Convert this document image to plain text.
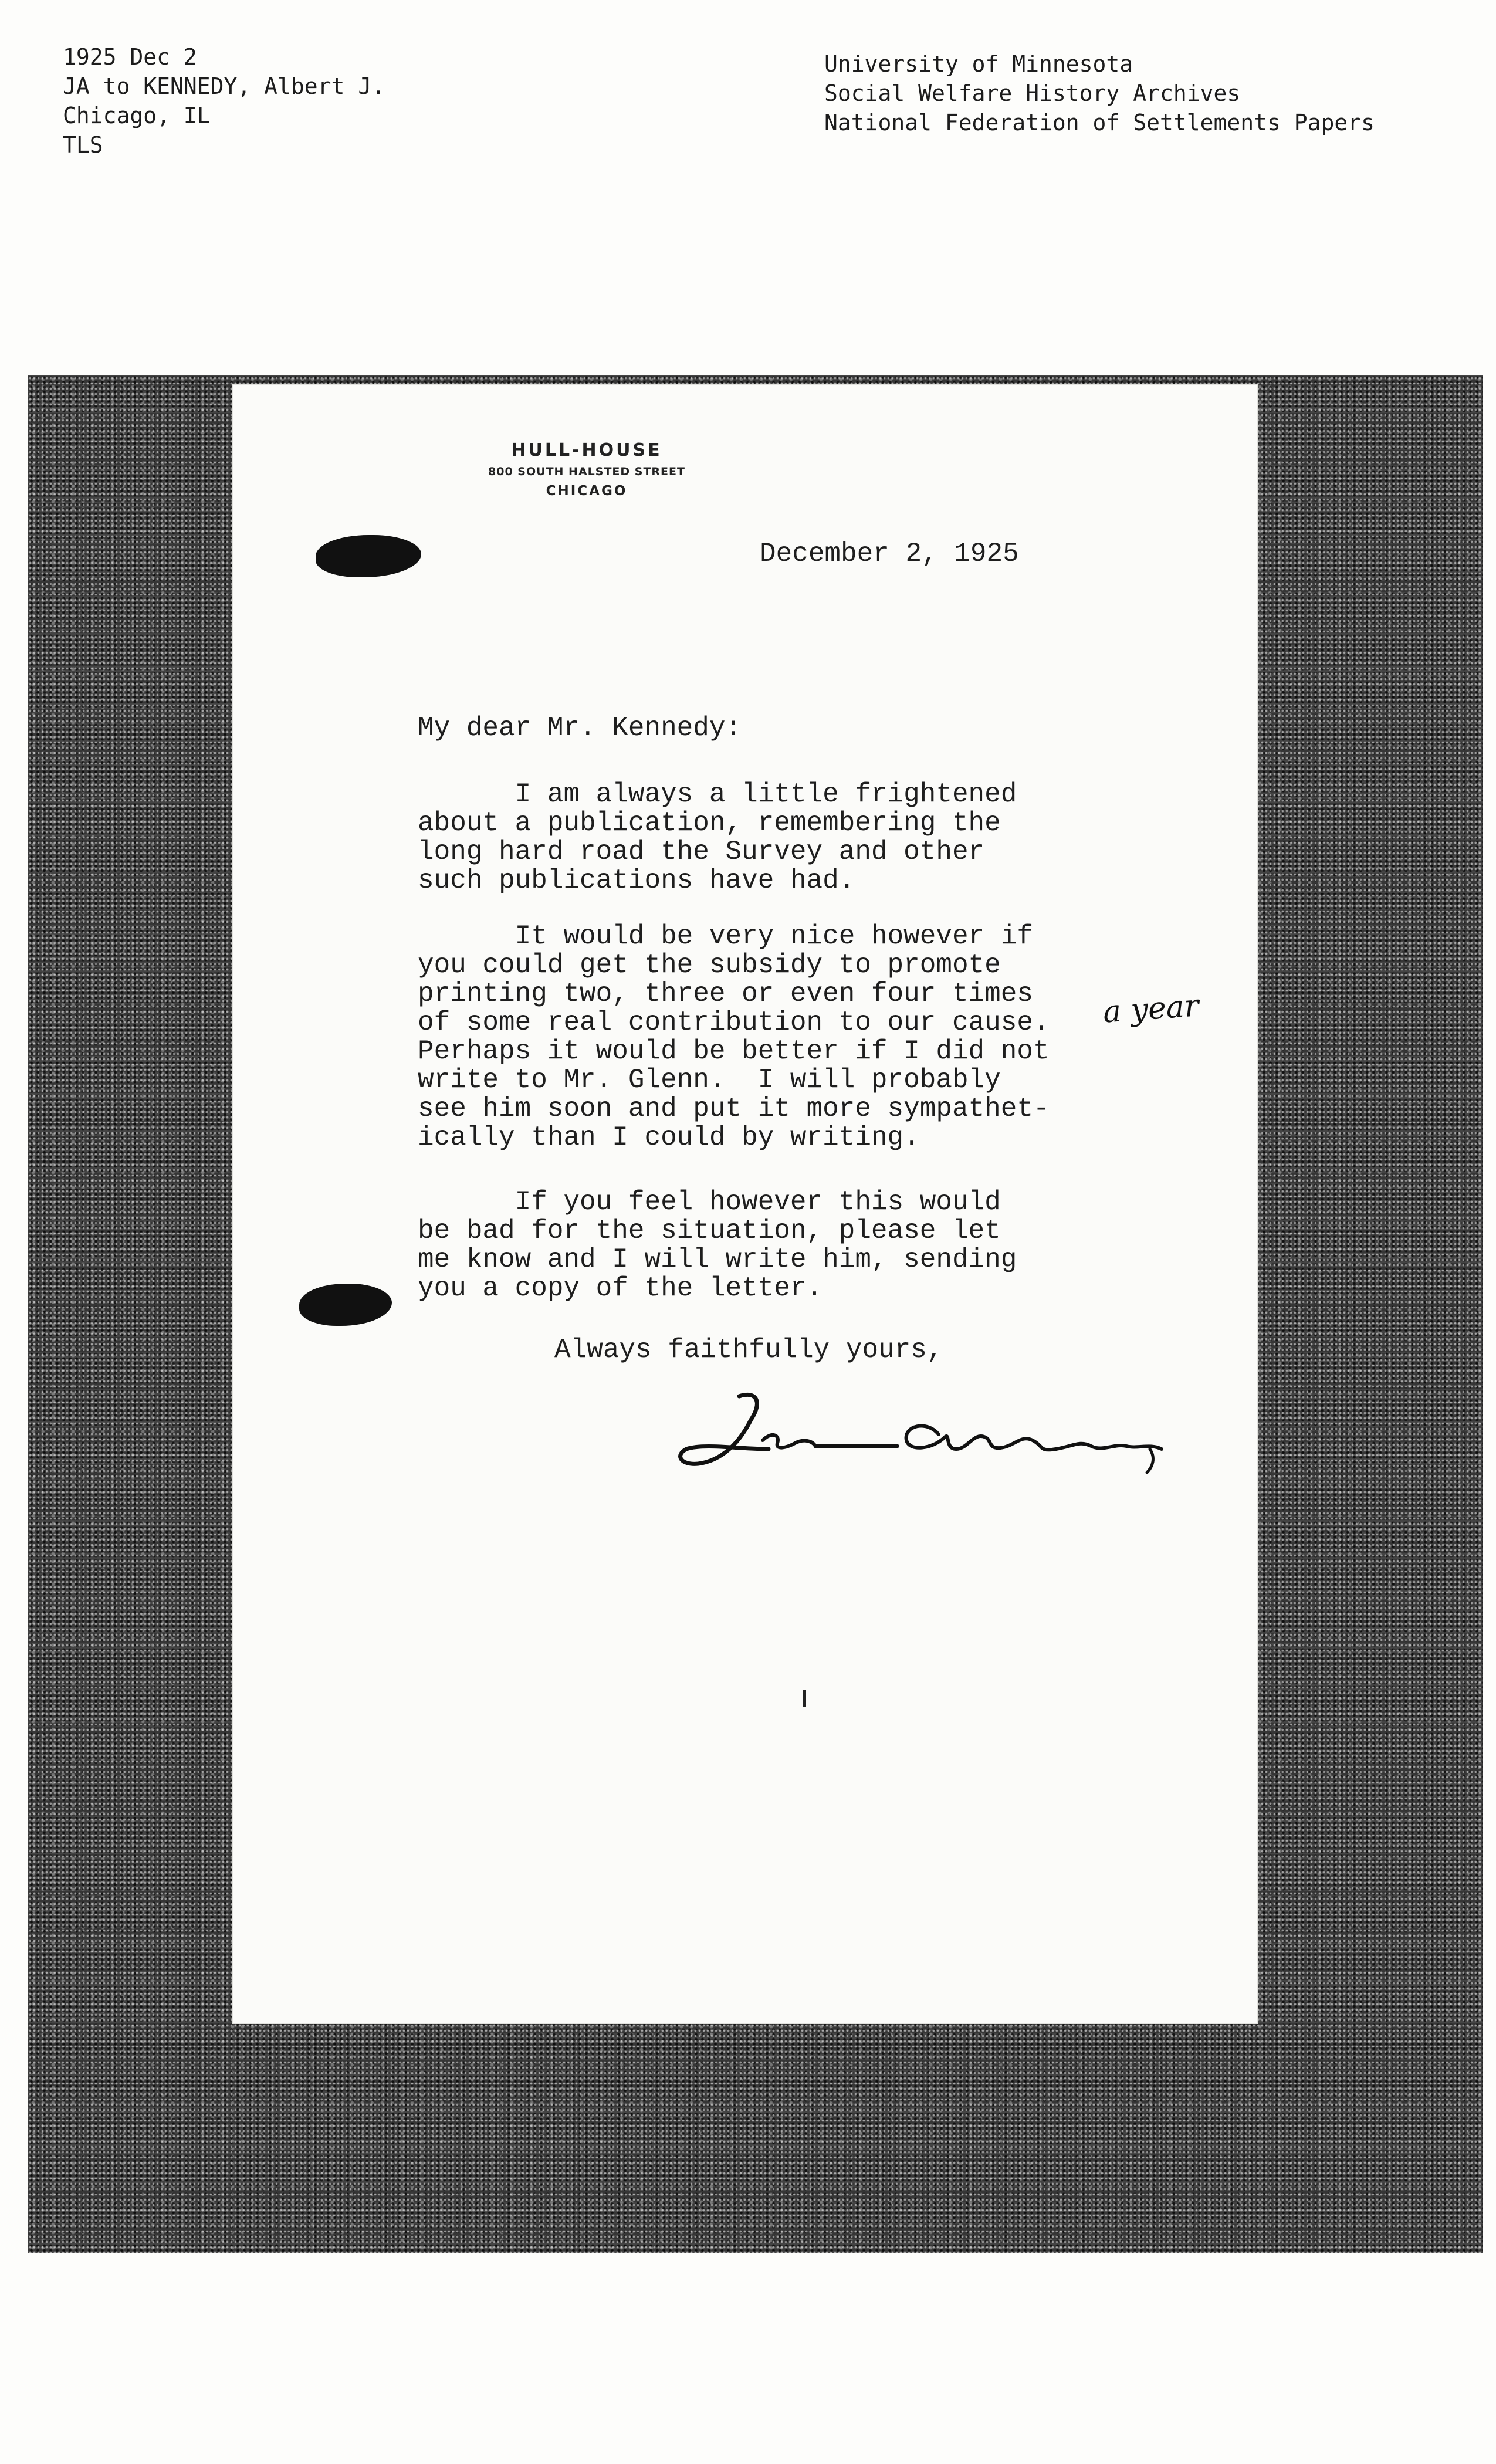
1925 Dec 2
JA to KENNEDY, Albert J.
Chicago, IL
TLS
University of Minnesota
Social Welfare History Archives
National Federation of Settlements Papers
HULL-HOUSE
800 SOUTH HALSTED STREET
CHICAGO
December 2, 1925
My dear Mr. Kennedy:
I am always a little frightened
about a publication, remembering the
long hard road the Survey and other
such publications have had.
It would be very nice however if
you could get the subsidy to promote
printing two, three or even four times
of some real contribution to our cause.
Perhaps it would be better if I did not
write to Mr. Glenn.  I will probably
see him soon and put it more sympathet-
ically than I could by writing.
If you feel however this would
be bad for the situation, please let
me know and I will write him, sending
you a copy of the letter.
a year
Always faithfully yours,
